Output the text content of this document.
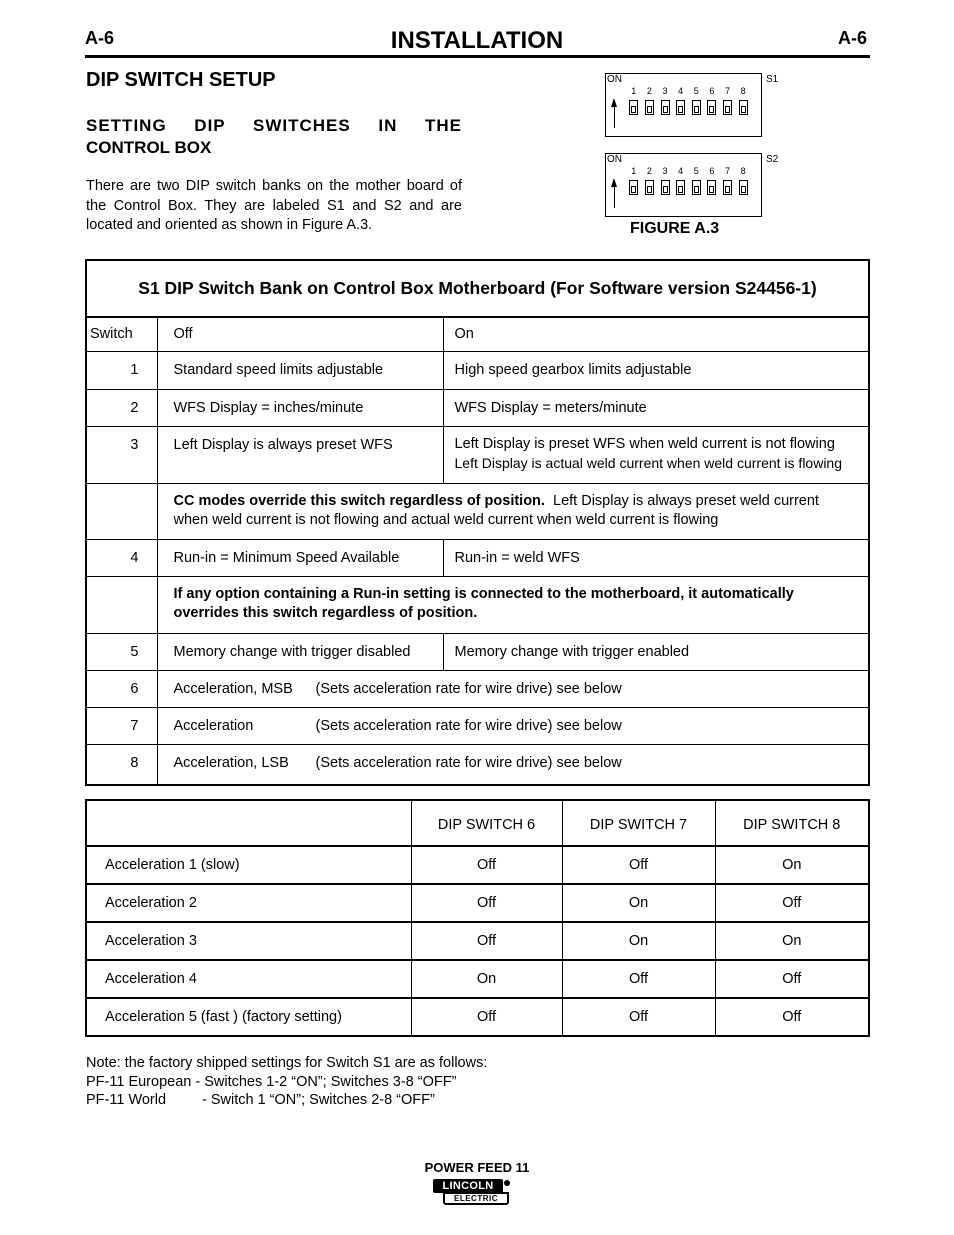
A-6	INSTALLATION	A-6
DIP SWITCH SETUP
SETTING DIP SWITCHES IN THE
CONTROL BOX
There are two DIP switch banks on the mother board of the Control Box. They are labeled S1 and S2 and are located and oriented as shown in Figure A.3.
ON	S1
1	2	3	4	5	6	7	8
ON	S2
1	2	3	4	5	6	7	8
FIGURE A.3
S1 DIP Switch Bank on Control Box Motherboard (For Software version S24456-1)		
Switch	Off	On
1	Standard speed limits adjustable	High speed gearbox limits adjustable
2	WFS Display = inches/minute	WFS Display = meters/minute
3	Left Display is always preset WFS	Left Display is preset WFS when weld current is not flowing
Left Display is actual weld current when weld current is flowing

	CC modes override this switch regardless of position. Left Display is always preset weld current when weld current is not flowing and actual weld current when weld current is flowing	
4	Run-in = Minimum Speed Available	Run-in = weld WFS
	If any option containing a Run-in setting is connected to the motherboard, it automatically overrides this switch regardless of position.	
5	Memory change with trigger disabled	Memory change with trigger enabled
6	Acceleration, MSB (Sets acceleration rate for wire drive) see below	
7	Acceleration (Sets acceleration rate for wire drive) see below	
8	Acceleration, LSB (Sets acceleration rate for wire drive) see below	
	DIP SWITCH 6	DIP SWITCH 7	DIP SWITCH 8
Acceleration 1 (slow)	Off	Off	On
Acceleration 2	Off	On	Off
Acceleration 3	Off	On	On
Acceleration 4	On	Off	Off
Acceleration 5 (fast ) (factory setting)	Off	Off	Off
Note: the factory shipped settings for Switch S1 are as follows:
PF-11 European - Switches 1-2 “ON”; Switches 3-8 “OFF”
PF-11 World - Switch 1 “ON”; Switches 2-8 “OFF”
POWER FEED 11
LINCOLN
ELECTRIC
